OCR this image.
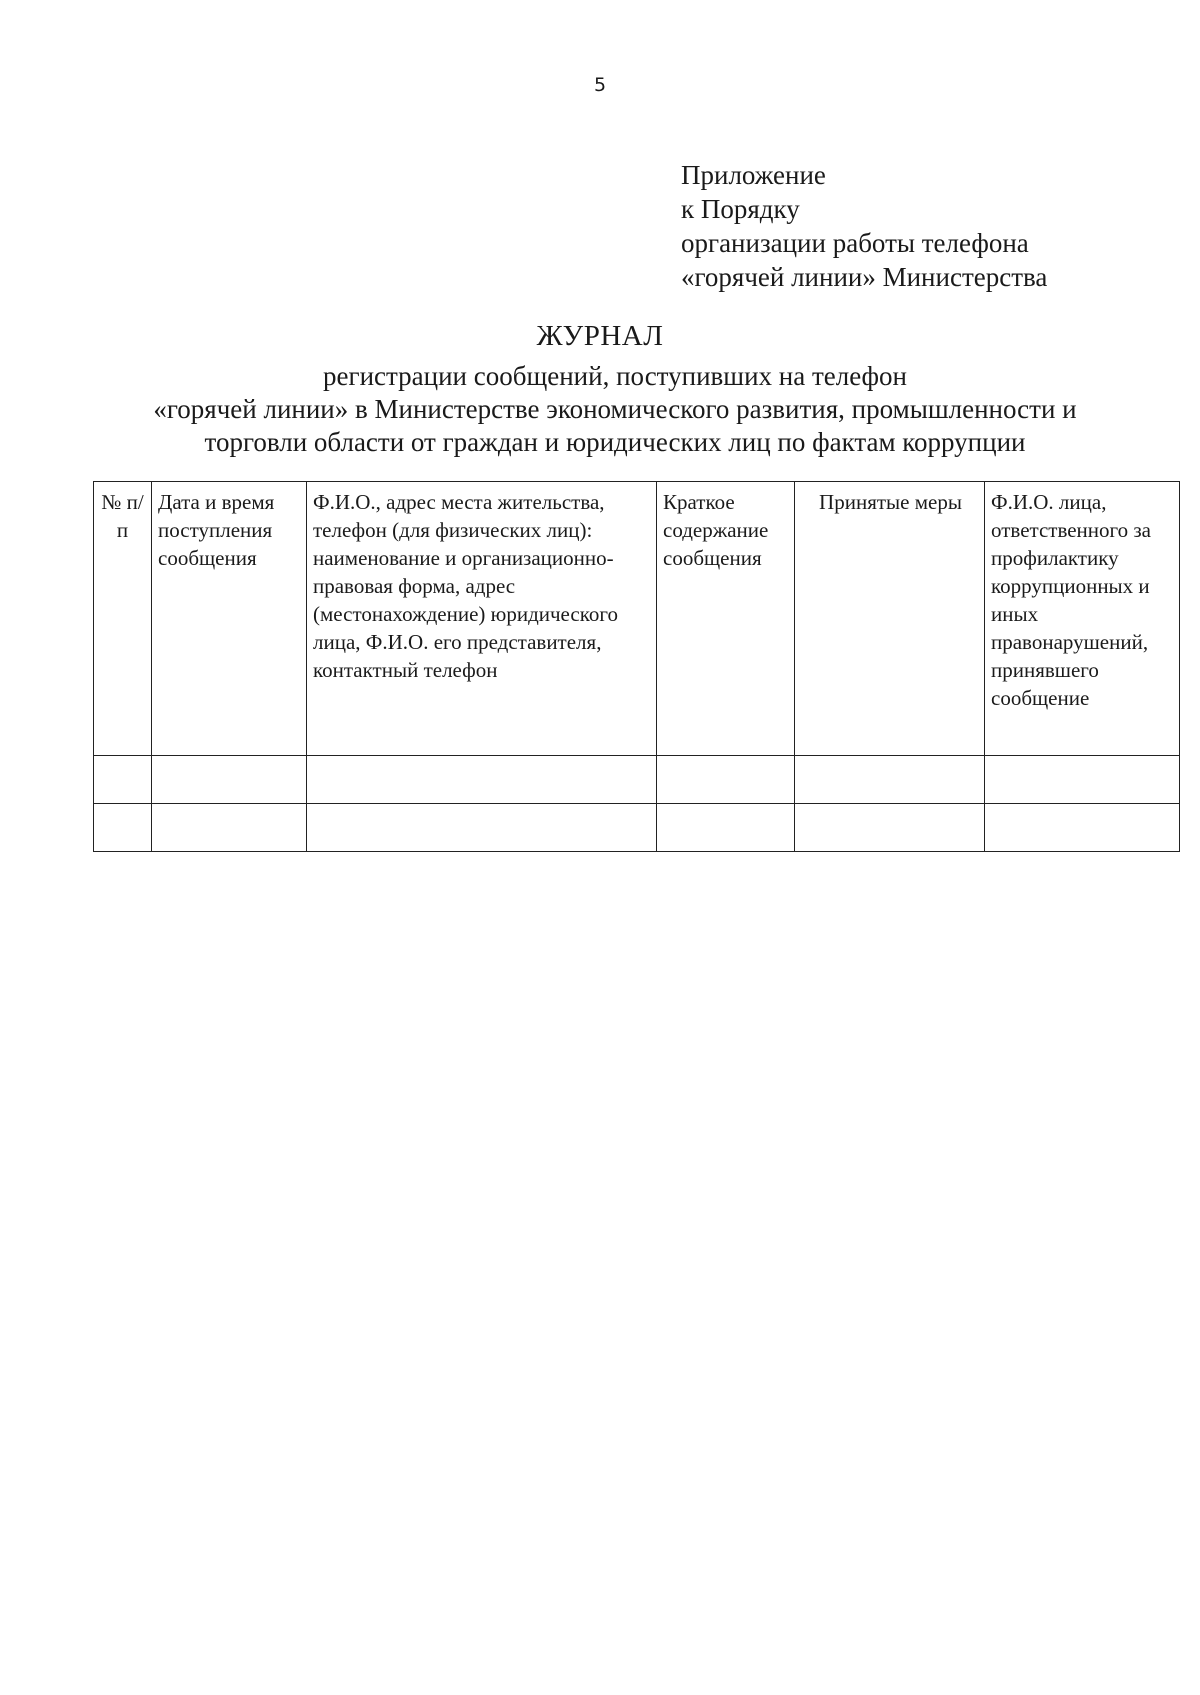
5
Приложение
к Порядку
организации работы телефона
«горячей линии» Министерства
ЖУРНАЛ
регистрации сообщений, поступивших на телефон
«горячей линии» в Министерстве экономического развития, промышленности и
торговли области от граждан и юридических лиц по фактам коррупции
№ п/п	Дата и время поступления сообщения	Ф.И.О., адрес места жительства, телефон (для физических лиц): наименование и организационно-правовая форма, адрес (местонахождение) юридического лица, Ф.И.О. его представителя, контактный телефон	Краткое содержание сообщения	Принятые меры	Ф.И.О. лица, ответственного за профилактику коррупционных и иных правонарушений, принявшего сообщение
